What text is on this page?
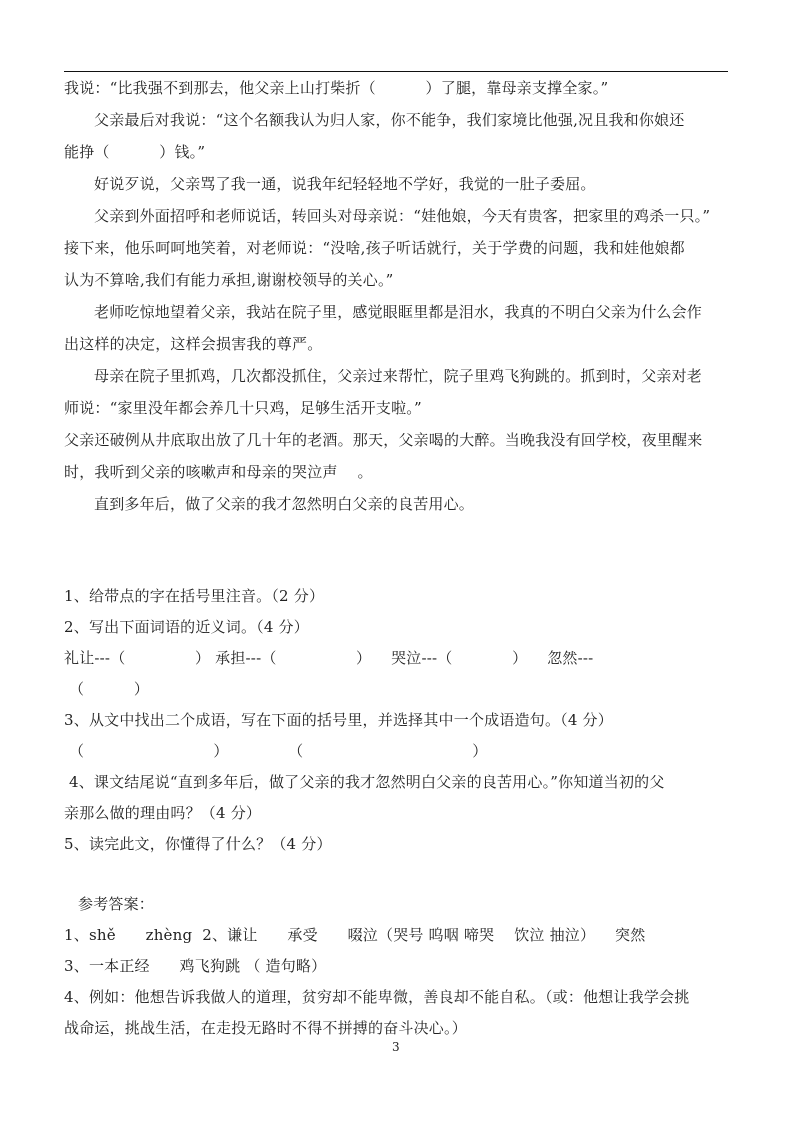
我说：“比我强不到那去，他父亲上山打柴折（          ）了腿，靠母亲支撑全家。”
父亲最后对我说：“这个名额我认为归人家，你不能争，我们家境比他强,况且我和你娘还
能挣（          ）钱。”
好说歹说，父亲骂了我一通，说我年纪轻轻地不学好，我觉的一肚子委屈。
父亲到外面招呼和老师说话，转回头对母亲说：“娃他娘，今天有贵客，把家里的鸡杀一只。”
接下来，他乐呵呵地笑着，对老师说：“没啥,孩子听话就行，关于学费的问题，我和娃他娘都
认为不算啥,我们有能力承担,谢谢校领导的关心。”
老师吃惊地望着父亲，我站在院子里，感觉眼眶里都是泪水，我真的不明白父亲为什么会作
出这样的决定，这样会损害我的尊严。
母亲在院子里抓鸡，几次都没抓住，父亲过来帮忙，院子里鸡飞狗跳的。抓到时，父亲对老
师说：“家里没年都会养几十只鸡，足够生活开支啦。”
父亲还破例从井底取出放了几十年的老酒。那天，父亲喝的大醉。当晚我没有回学校，夜里醒来
时，我听到父亲的咳嗽声和母亲的哭泣声    。
直到多年后，做了父亲的我才忽然明白父亲的良苦用心。
1、给带点的字在括号里注音。（2 分）
2、写出下面词语的近义词。（4 分）
礼让---（              ） 承担---（                ）    哭泣---（            ）    忽然---
（          ）
3、从文中找出二个成语，写在下面的括号里，并选择其中一个成语造句。（4 分）
（                          ）            （                                  ）
4、课文结尾说“直到多年后，做了父亲的我才忽然明白父亲的良苦用心。”你知道当初的父
亲那么做的理由吗？（4 分）
5、读完此文，你懂得了什么？（4 分）
参考答案：
1、shě      zhèng  2、谦让      承受      啜泣（哭号 呜咽 啼哭    饮泣 抽泣）    突然
3、一本正经      鸡飞狗跳 （ 造句略）
4、例如：他想告诉我做人的道理，贫穷却不能卑微，善良却不能自私。（或：他想让我学会挑
战命运，挑战生活，在走投无路时不得不拼搏的奋斗决心。）
3
